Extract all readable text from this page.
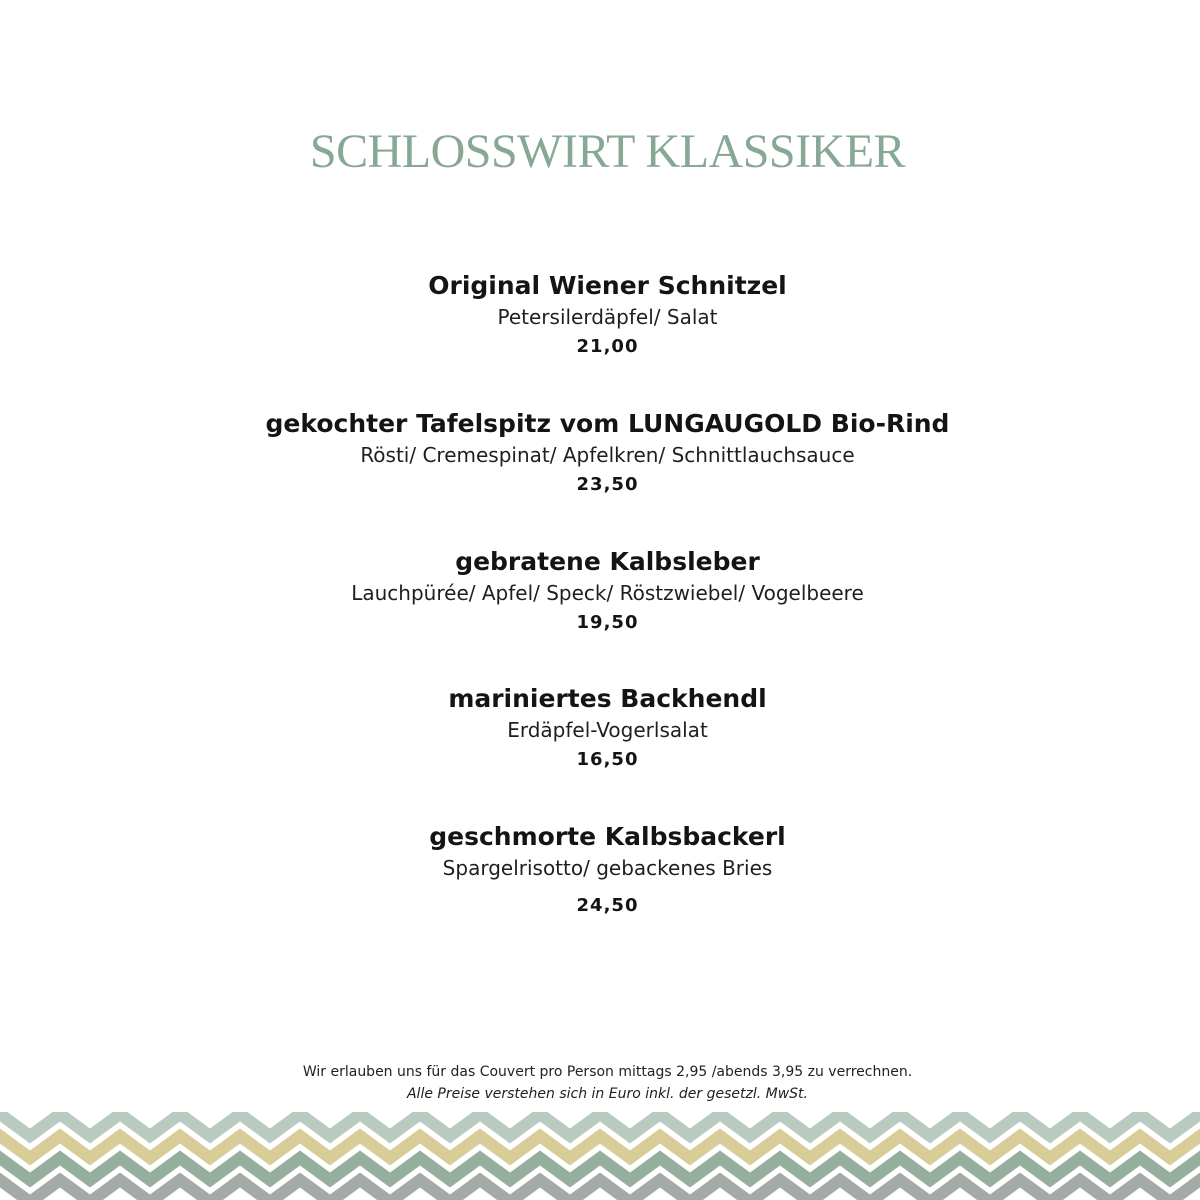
SCHLOSSWIRT KLASSIKER
Original Wiener Schnitzel
Petersilerdäpfel/ Salat
21,00
gekochter Tafelspitz vom LUNGAUGOLD Bio-Rind
Rösti/ Cremespinat/ Apfelkren/ Schnittlauchsauce
23,50
gebratene Kalbsleber
Lauchpürée/ Apfel/ Speck/ Röstzwiebel/ Vogelbeere
19,50
mariniertes Backhendl
Erdäpfel-Vogerlsalat
16,50
geschmorte Kalbsbackerl
Spargelrisotto/ gebackenes Bries
24,50
Wir erlauben uns für das Couvert pro Person mittags 2,95 /abends 3,95 zu verrechnen.
Alle Preise verstehen sich in Euro inkl. der gesetzl. MwSt.
